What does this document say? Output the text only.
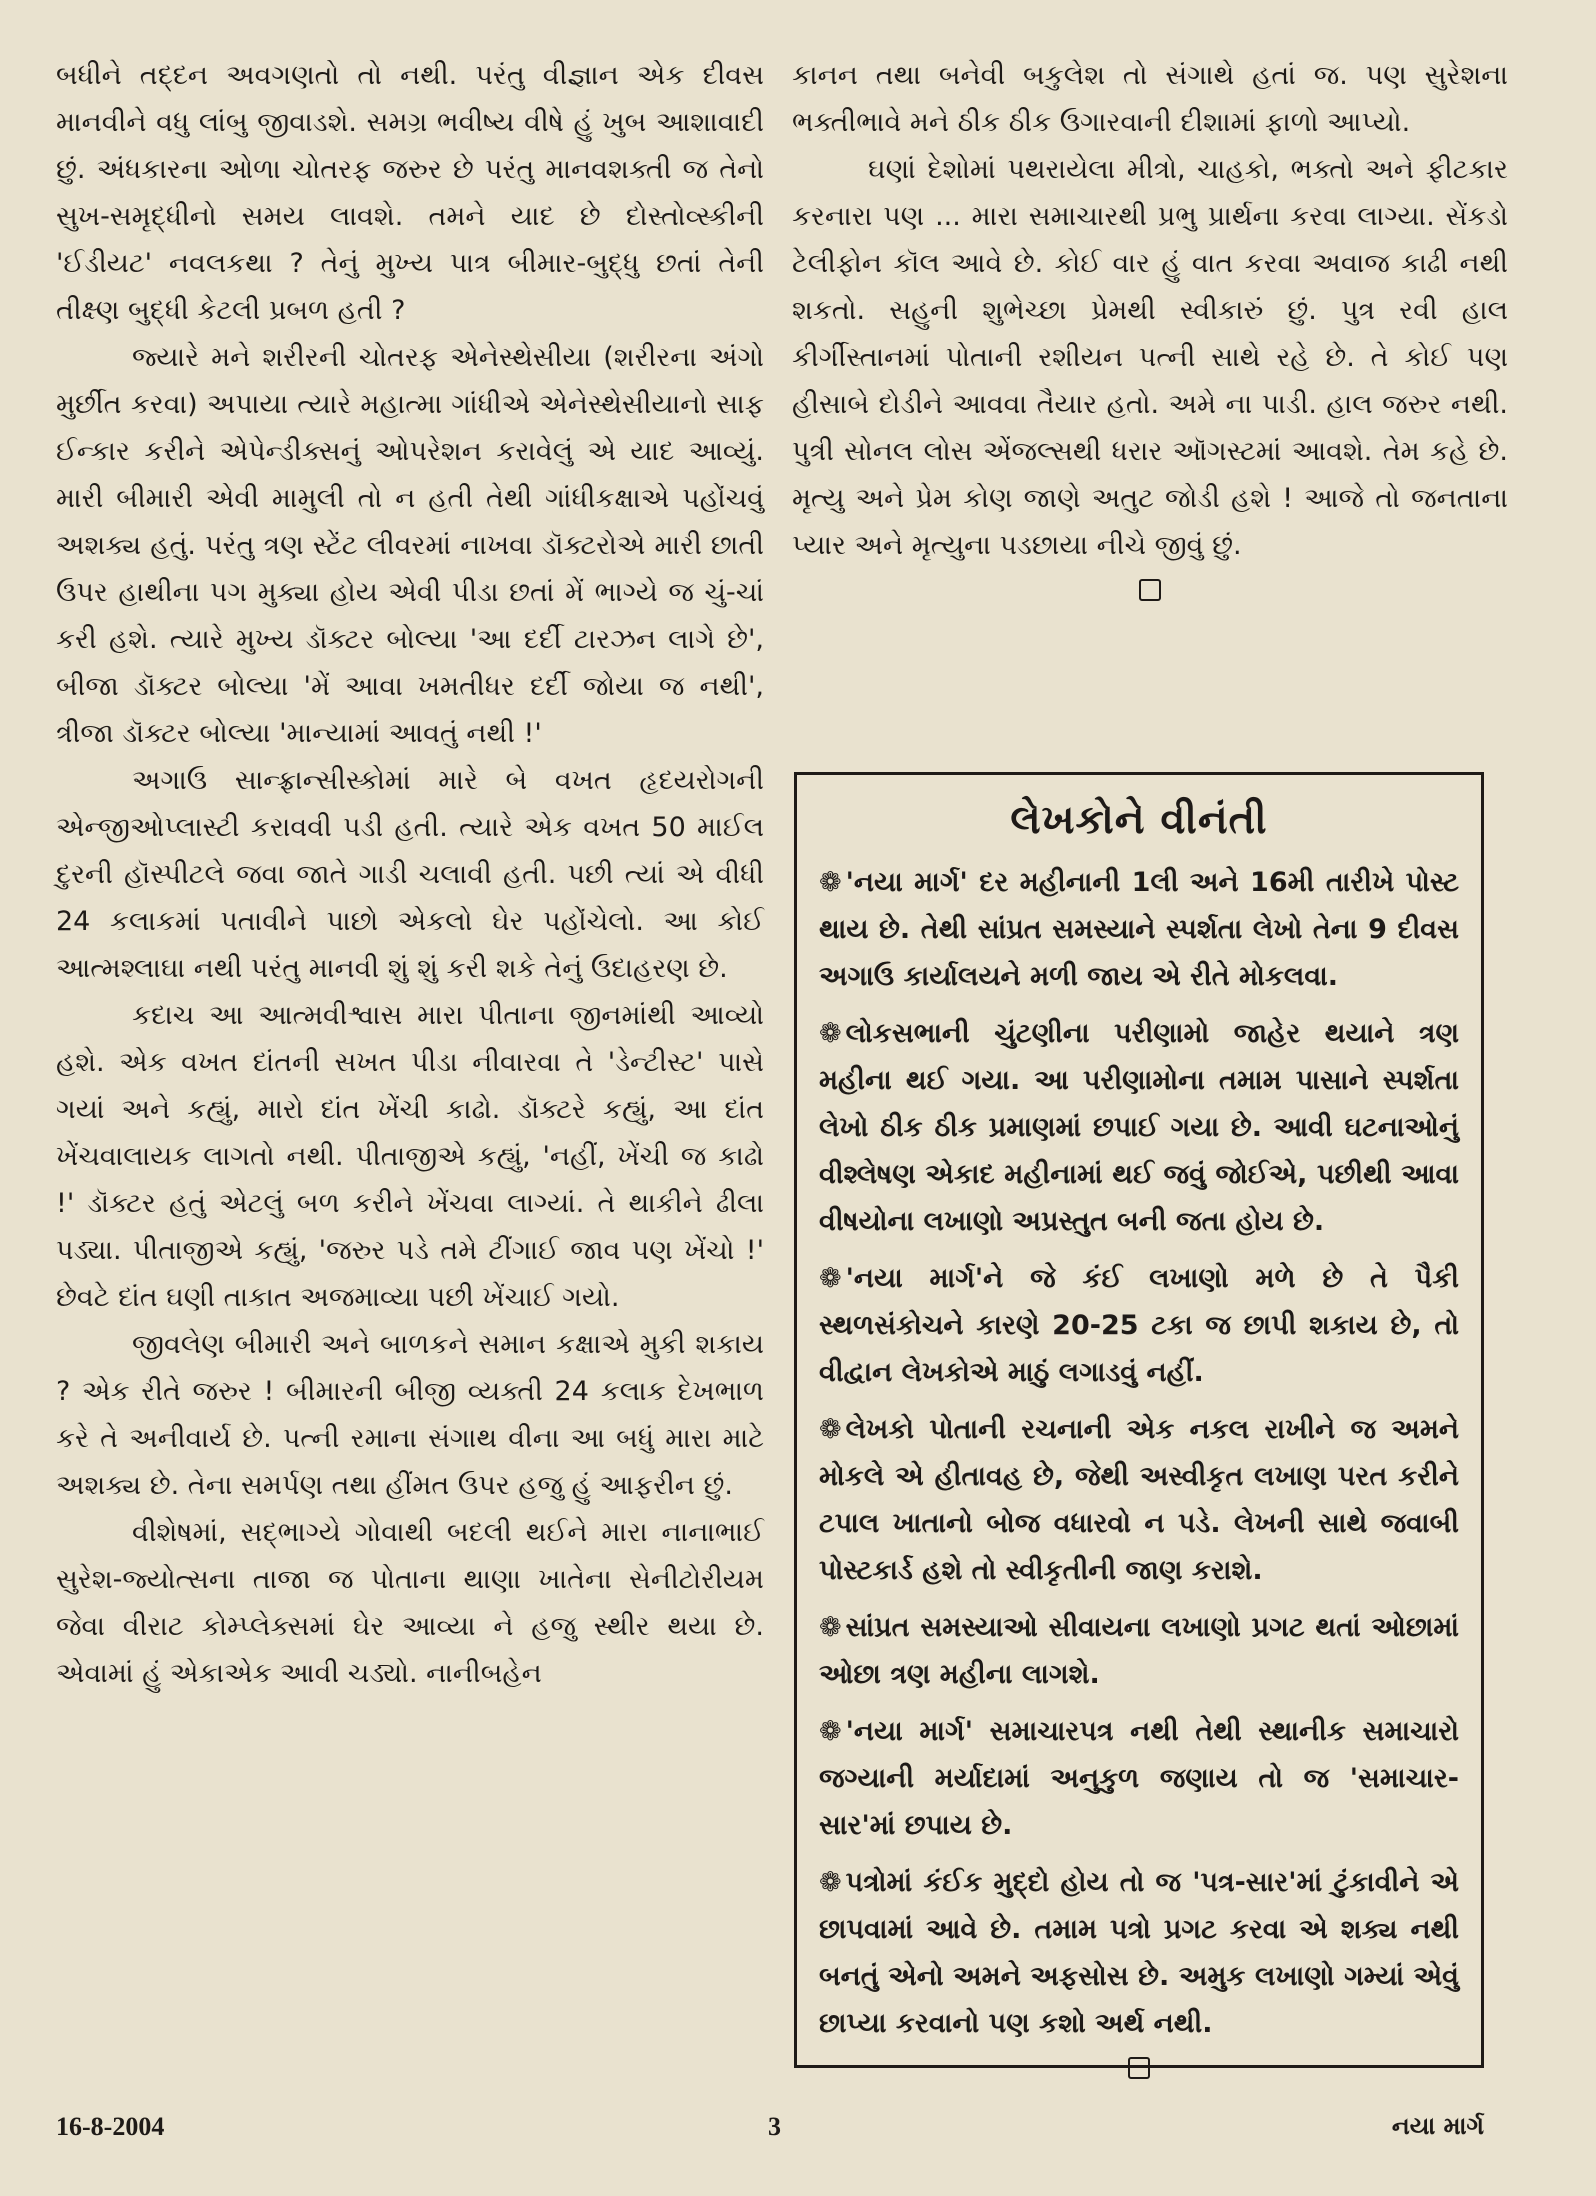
બધીને તદ્દન અવગણતો તો નથી. પરંતુ વીજ્ઞાન એક દીવસ માનવીને વધુ લાંબુ જીવાડશે. સમગ્ર ભવીષ્ય વીષે હું ખુબ આશાવાદી છું. અંધકારના ઓળા ચોતરફ જરુર છે પરંતુ માનવશક્તી જ તેનો સુખ-સમૃદ્ધીનો સમય લાવશે. તમને યાદ છે દોસ્તોવ્સ્કીની 'ઈડીયટ' નવલકથા ? તેનું મુખ્ય પાત્ર બીમાર-બુદ્ધુ છતાં તેની તીક્ષ્ણ બુદ્ધી કેટલી પ્રબળ હતી ?

જ્યારે મને શરીરની ચોતરફ એનેસ્થેસીયા (શરીરના અંગો મુર્છીત કરવા) અપાયા ત્યારે મહાત્મા ગાંધીએ એનેસ્થેસીયાનો સાફ ઈન્કાર કરીને એપેન્ડીક્સનું ઓપરેશન કરાવેલું એ યાદ આવ્યું. મારી બીમારી એવી મામુલી તો ન હતી તેથી ગાંધીકક્ષાએ પહોંચવું અશક્ય હતું. પરંતુ ત્રણ સ્ટેંટ લીવરમાં નાખવા ડૉક્ટરોએ મારી છાતી ઉપર હાથીના પગ મુક્યા હોય એવી પીડા છતાં મેં ભાગ્યે જ ચું-ચાં કરી હશે. ત્યારે મુખ્ય ડૉક્ટર બોલ્યા 'આ દર્દી ટારઝન લાગે છે', બીજા ડૉક્ટર બોલ્યા 'મેં આવા ખમતીધર દર્દી જોયા જ નથી', ત્રીજા ડૉક્ટર બોલ્યા 'માન્યામાં આવતું નથી !'

અગાઉ સાન્ફ્રાન્સીસ્કોમાં મારે બે વખત હૃદયરોગની એન્જીઓપ્લાસ્ટી કરાવવી પડી હતી. ત્યારે એક વખત 50 માઈલ દુરની હૉસ્પીટલે જવા જાતે ગાડી ચલાવી હતી. પછી ત્યાં એ વીધી 24 કલાકમાં પતાવીને પાછો એકલો ઘેર પહોંચેલો. આ કોઈ આત્મશ્લાઘા નથી પરંતુ માનવી શું શું કરી શકે તેનું ઉદાહરણ છે.

કદાચ આ આત્મવીશ્વાસ મારા પીતાના જીનમાંથી આવ્યો હશે. એક વખત દાંતની સખત પીડા નીવારવા તે 'ડેન્ટીસ્ટ' પાસે ગયાં અને કહ્યું, મારો દાંત ખેંચી કાઢો. ડૉક્ટરે કહ્યું, આ દાંત ખેંચવાલાયક લાગતો નથી. પીતાજીએ કહ્યું, 'નહીં, ખેંચી જ કાઢો !' ડૉક્ટર હતું એટલું બળ કરીને ખેંચવા લાગ્યાં. તે થાકીને ઢીલા પડ્યા. પીતાજીએ કહ્યું, 'જરુર પડે તમે ટીંગાઈ જાવ પણ ખેંચો !' છેવટે દાંત ઘણી તાકાત અજમાવ્યા પછી ખેંચાઈ ગયો.

જીવલેણ બીમારી અને બાળકને સમાન કક્ષાએ મુકી શકાય ? એક રીતે જરુર ! બીમારની બીજી વ્યક્તી 24 કલાક દેખભાળ કરે તે અનીવાર્ય છે. પત્ની રમાના સંગાથ વીના આ બધું મારા માટે અશક્ય છે. તેના સમર્પણ તથા હીંમત ઉપર હજુ હું આફરીન છું.

વીશેષમાં, સદ્ભાગ્યે ગોવાથી બદલી થઈને મારા નાનાભાઈ સુરેશ-જ્યોત્સના તાજા જ પોતાના થાણા ખાતેના સેનીટોરીયમ જેવા વીરાટ કોમ્પ્લેક્સમાં ઘેર આવ્યા ને હજુ સ્થીર થયા છે. એવામાં હું એકાએક આવી ચડ્યો. નાનીબહેન

કાનન તથા બનેવી બકુલેશ તો સંગાથે હતાં જ. પણ સુરેશના ભક્તીભાવે મને ઠીક ઠીક ઉગારવાની દીશામાં ફાળો આપ્યો.

ઘણાં દેશોમાં પથરાયેલા મીત્રો, ચાહકો, ભક્તો અને ફીટકાર કરનારા પણ ... મારા સમાચારથી પ્રભુ પ્રાર્થના કરવા લાગ્યા. સેંકડો ટેલીફોન કૉલ આવે છે. કોઈ વાર હું વાત કરવા અવાજ કાઢી નથી શકતો. સહુની શુભેચ્છા પ્રેમથી સ્વીકારું છું. પુત્ર રવી હાલ કીર્ગીસ્તાનમાં પોતાની રશીયન પત્ની સાથે રહે છે. તે કોઈ પણ હીસાબે દોડીને આવવા તૈયાર હતો. અમે ના પાડી. હાલ જરુર નથી. પુત્રી સોનલ લોસ એંજલ્સથી ધરાર ઑગસ્ટમાં આવશે. તેમ કહે છે. મૃત્યુ અને પ્રેમ કોણ જાણે અતુટ જોડી હશે ! આજે તો જનતાના પ્યાર અને મૃત્યુના પડછાયા નીચે જીવું છું.

લેખકોને વીનંતી

❁ 'નયા માર્ગ' દર મહીનાની 1લી અને 16મી તારીખે પોસ્ટ થાય છે. તેથી સાંપ્રત સમસ્યાને સ્પર્શતા લેખો તેના 9 દીવસ અગાઉ કાર્યાલયને મળી જાય એ રીતે મોકલવા.

❁ લોકસભાની ચુંટણીના પરીણામો જાહેર થયાને ત્રણ મહીના થઈ ગયા. આ પરીણામોના તમામ પાસાને સ્પર્શતા લેખો ઠીક ઠીક પ્રમાણમાં છપાઈ ગયા છે. આવી ઘટનાઓનું વીશ્લેષણ એકાદ મહીનામાં થઈ જવું જોઈએ, પછીથી આવા વીષયોના લખાણો અપ્રસ્તુત બની જતા હોય છે.

❁ 'નયા માર્ગ'ને જે કંઈ લખાણો મળે છે તે પૈકી સ્થળસંકોચને કારણે 20-25 ટકા જ છાપી શકાય છે, તો વીદ્વાન લેખકોએ માઠું લગાડવું નહીં.

❁ લેખકો પોતાની રચનાની એક નકલ રાખીને જ અમને મોકલે એ હીતાવહ છે, જેથી અસ્વીકૃત લખાણ પરત કરીને ટપાલ ખાતાનો બોજ વધારવો ન પડે. લેખની સાથે જવાબી પોસ્ટકાર્ડ હશે તો સ્વીકૃતીની જાણ કરાશે.

❁ સાંપ્રત સમસ્યાઓ સીવાયના લખાણો પ્રગટ થતાં ઓછામાં ઓછા ત્રણ મહીના લાગશે.

❁ 'નયા માર્ગ' સમાચારપત્ર નથી તેથી સ્થાનીક સમાચારો જગ્યાની મર્યાદામાં અનુકુળ જણાય તો જ 'સમાચાર-સાર'માં છપાય છે.

❁ પત્રોમાં કંઈક મુદ્દો હોય તો જ 'પત્ર-સાર'માં ટુંકાવીને એ છાપવામાં આવે છે. તમામ પત્રો પ્રગટ કરવા એ શક્ય નથી બનતું એનો અમને અફસોસ છે. અમુક લખાણો ગમ્યાં એવું છાપ્યા કરવાનો પણ કશો અર્થ નથી.

16-8-2004	3	નયા માર્ગ
